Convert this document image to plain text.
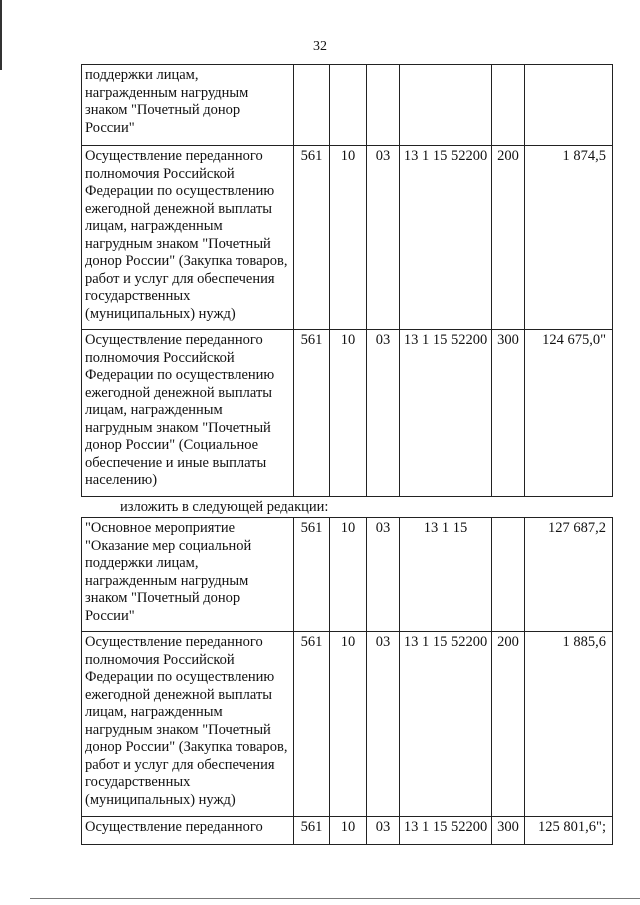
32
поддержки лицам, награжденным нагрудным знаком "Почетный донор России"						
Осуществление переданного полномочия Российской Федерации по осуществлению ежегодной денежной выплаты лицам, награжденным нагрудным знаком "Почетный донор России" (Закупка товаров, работ и услуг для обеспечения государственных (муниципальных) нужд)	561	10	03	13 1 15 52200	200	1 874,5
Осуществление переданного полномочия Российской Федерации по осуществлению ежегодной денежной выплаты лицам, награжденным нагрудным знаком "Почетный донор России" (Социальное обеспечение и иные выплаты населению)	561	10	03	13 1 15 52200	300	124 675,0"
изложить в следующей редакции:
"Основное мероприятие "Оказание мер социальной поддержки лицам, награжденным нагрудным знаком "Почетный донор России"	561	10	03	13 1 15		127 687,2
Осуществление переданного полномочия Российской Федерации по осуществлению ежегодной денежной выплаты лицам, награжденным нагрудным знаком "Почетный донор России" (Закупка товаров, работ и услуг для обеспечения государственных (муниципальных) нужд)	561	10	03	13 1 15 52200	200	1 885,6
Осуществление переданного	561	10	03	13 1 15 52200	300	125 801,6";
